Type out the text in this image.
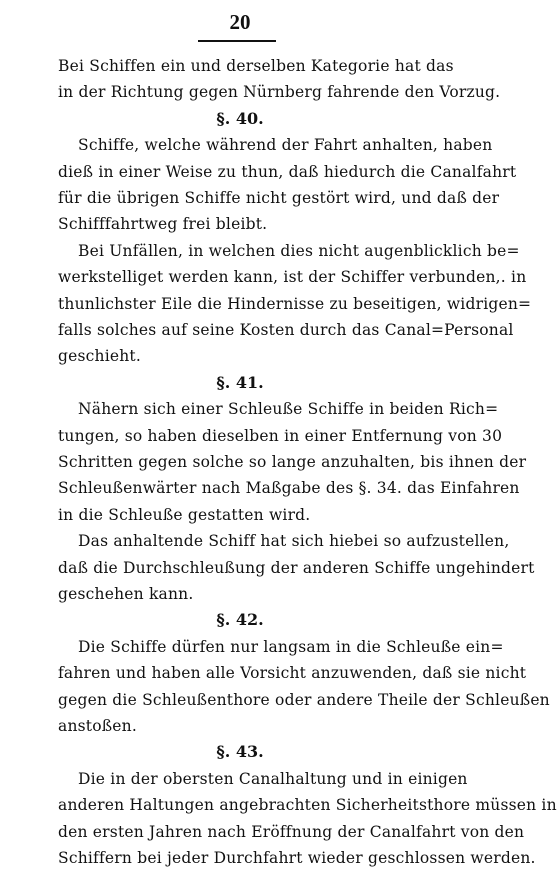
20
Bei Schiffen ein und derselben Kategorie hat das
in der Richtung gegen Nürnberg fahrende den Vorzug.
§. 40.
Schiffe, welche während der Fahrt anhalten, haben
dieß in einer Weise zu thun, daß hiedurch die Canalfahrt
für die übrigen Schiffe nicht gestört wird, und daß der
Schifffahrtweg frei bleibt.
Bei Unfällen, in welchen dies nicht augenblicklich be=
werkstelliget werden kann, ist der Schiffer verbunden,. in
thunlichster Eile die Hindernisse zu beseitigen, widrigen=
falls solches auf seine Kosten durch das Canal=Personal
geschieht.
§. 41.
Nähern sich einer Schleuße Schiffe in beiden Rich=
tungen, so haben dieselben in einer Entfernung von 30
Schritten gegen solche so lange anzuhalten, bis ihnen der
Schleußenwärter nach Maßgabe des §. 34. das Einfahren
in die Schleuße gestatten wird.
Das anhaltende Schiff hat sich hiebei so aufzustellen,
daß die Durchschleußung der anderen Schiffe ungehindert
geschehen kann.
§. 42.
Die Schiffe dürfen nur langsam in die Schleuße ein=
fahren und haben alle Vorsicht anzuwenden, daß sie nicht
gegen die Schleußenthore oder andere Theile der Schleußen
anstoßen.
§. 43.
Die in der obersten Canalhaltung und in einigen
anderen Haltungen angebrachten Sicherheitsthore müssen in
den ersten Jahren nach Eröffnung der Canalfahrt von den
Schiffern bei jeder Durchfahrt wieder geschlossen werden.
